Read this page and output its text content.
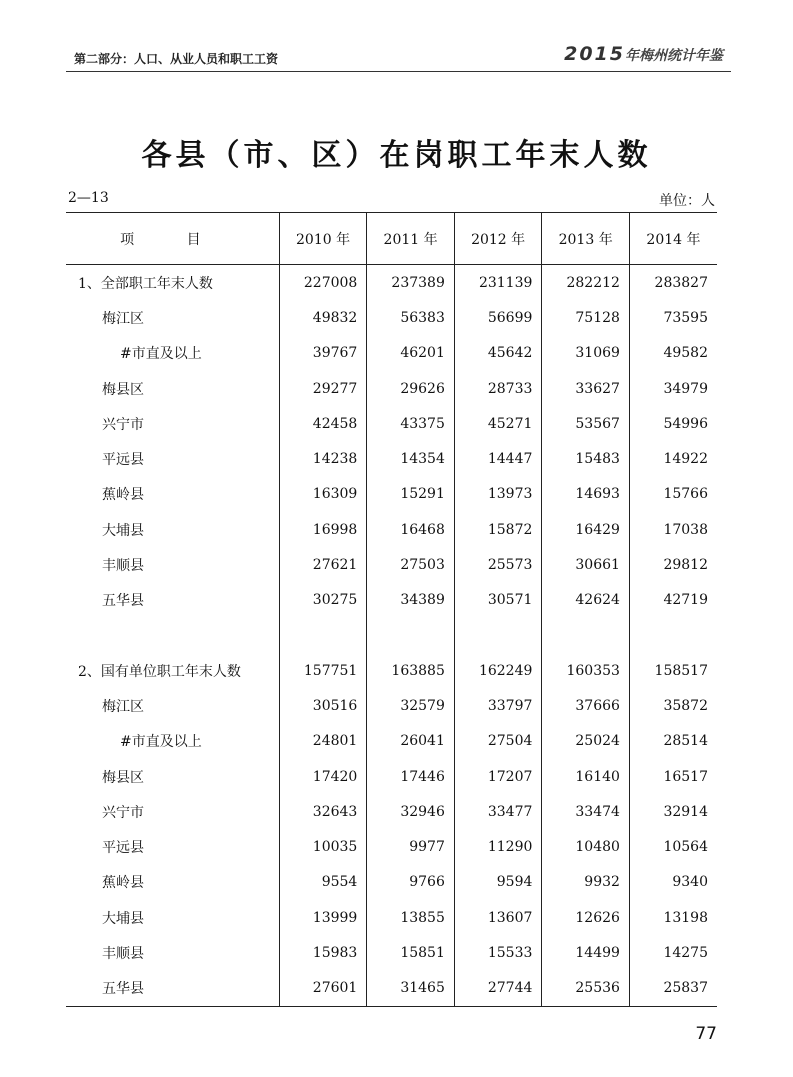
第二部分：人口、从业人员和职工工资	2015年梅州统计年鉴
各县（市、区）在岗职工年末人数
2—13	单位：人
项 目	2010 年	2011 年	2012 年	2013 年	2014 年
1、全部职工年末人数	227008	237389	231139	282212	283827
梅江区	49832	56383	56699	75128	73595
#市直及以上	39767	46201	45642	31069	49582
梅县区	29277	29626	28733	33627	34979
兴宁市	42458	43375	45271	53567	54996
平远县	14238	14354	14447	15483	14922
蕉岭县	16309	15291	13973	14693	15766
大埔县	16998	16468	15872	16429	17038
丰顺县	27621	27503	25573	30661	29812
五华县	30275	34389	30571	42624	42719

2、国有单位职工年末人数	157751	163885	162249	160353	158517
梅江区	30516	32579	33797	37666	35872
#市直及以上	24801	26041	27504	25024	28514
梅县区	17420	17446	17207	16140	16517
兴宁市	32643	32946	33477	33474	32914
平远县	10035	9977	11290	10480	10564
蕉岭县	9554	9766	9594	9932	9340
大埔县	13999	13855	13607	12626	13198
丰顺县	15983	15851	15533	14499	14275
五华县	27601	31465	27744	25536	25837
77
